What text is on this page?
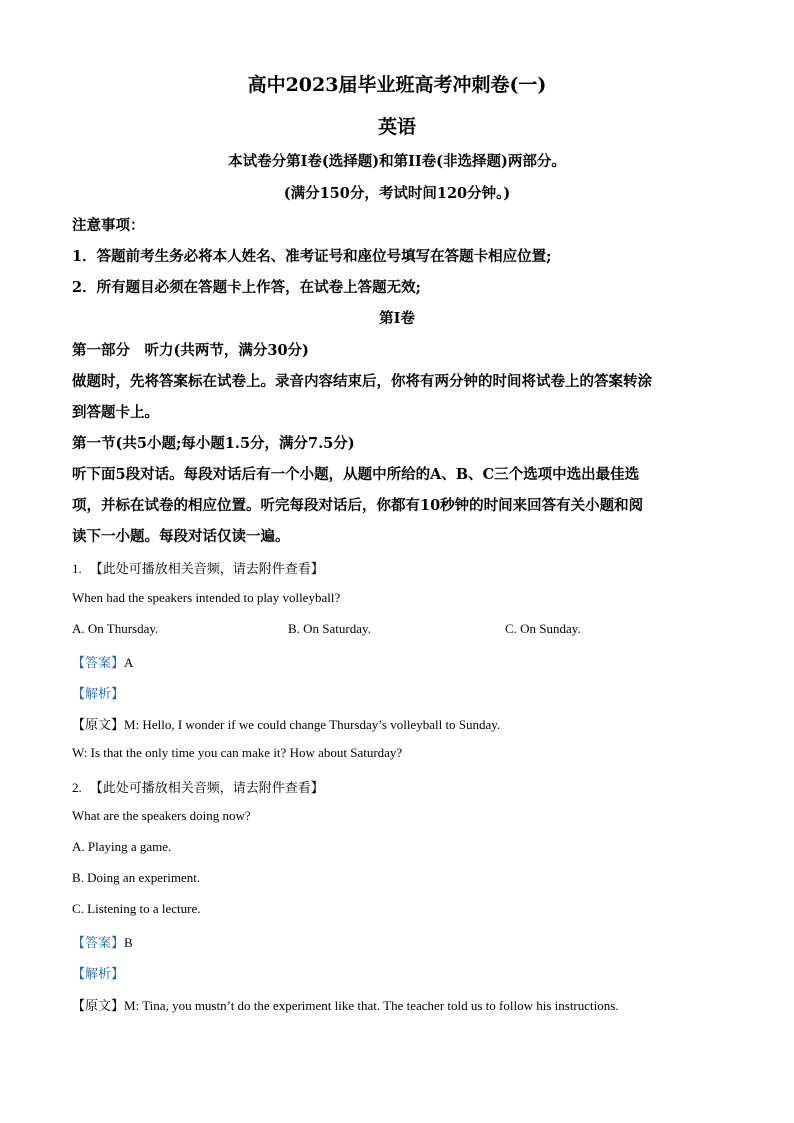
高中2023届毕业班高考冲刺卷(一)
英语
本试卷分第I卷(选择题)和第II卷(非选择题)两部分。
(满分150分，考试时间120分钟。)
注意事项：
1．答题前考生务必将本人姓名、准考证号和座位号填写在答题卡相应位置;
2．所有题目必须在答题卡上作答，在试卷上答题无效;
第I卷
第一部分　听力(共两节，满分30分)
做题时，先将答案标在试卷上。录音内容结束后，你将有两分钟的时间将试卷上的答案转涂
到答题卡上。
第一节(共5小题;每小题1.5分，满分7.5分)
听下面5段对话。每段对话后有一个小题，从题中所给的A、B、C三个选项中选出最佳选
项，并标在试卷的相应位置。听完每段对话后，你都有10秒钟的时间来回答有关小题和阅
读下一小题。每段对话仅读一遍。
1. 【此处可播放相关音频，请去附件查看】
When had the speakers intended to play volleyball?
A. On Thursday.	B. On Saturday.	C. On Sunday.
【答案】A
【解析】
【原文】M: Hello, I wonder if we could change Thursday’s volleyball to Sunday.
W: Is that the only time you can make it? How about Saturday?
2. 【此处可播放相关音频，请去附件查看】
What are the speakers doing now?
A. Playing a game.
B. Doing an experiment.
C. Listening to a lecture.
【答案】B
【解析】
【原文】M: Tina, you mustn’t do the experiment like that. The teacher told us to follow his instructions.
